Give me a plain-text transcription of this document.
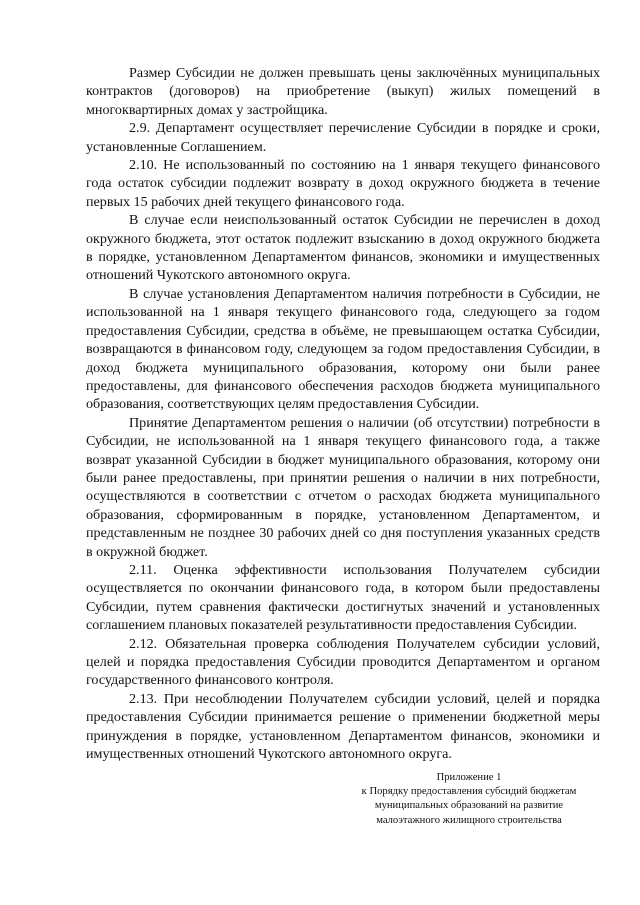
Размер Субсидии не должен превышать цены заключённых муниципальных контрактов (договоров) на приобретение (выкуп) жилых помещений в многоквартирных домах у застройщика.

2.9. Департамент осуществляет перечисление Субсидии в порядке и сроки, установленные Соглашением.

2.10. Не использованный по состоянию на 1 января текущего финансового года остаток субсидии подлежит возврату в доход окружного бюджета в течение первых 15 рабочих дней текущего финансового года.

В случае если неиспользованный остаток Субсидии не перечислен в доход окружного бюджета, этот остаток подлежит взысканию в доход окружного бюджета в порядке, установленном Департаментом финансов, экономики и имущественных отношений Чукотского автономного округа.

В случае установления Департаментом наличия потребности в Субсидии, не использованной на 1 января текущего финансового года, следующего за годом предоставления Субсидии, средства в объёме, не превышающем остатка Субсидии, возвращаются в финансовом году, следующем за годом предоставления Субсидии, в доход бюджета муниципального образования, которому они были ранее предоставлены, для финансового обеспечения расходов бюджета муниципального образования, соответствующих целям предоставления Субсидии.

Принятие Департаментом решения о наличии (об отсутствии) потребности в Субсидии, не использованной на 1 января текущего финансового года, а также возврат указанной Субсидии в бюджет муниципального образования, которому они были ранее предоставлены, при принятии решения о наличии в них потребности, осуществляются в соответствии с отчетом о расходах бюджета муниципального образования, сформированным в порядке, установленном Департаментом, и представленным не позднее 30 рабочих дней со дня поступления указанных средств в окружной бюджет.

2.11. Оценка эффективности использования Получателем субсидии осуществляется по окончании финансового года, в котором были предоставлены Субсидии, путем сравнения фактически достигнутых значений и установленных соглашением плановых показателей результативности предоставления Субсидии.

2.12. Обязательная проверка соблюдения Получателем субсидии условий, целей и порядка предоставления Субсидии проводится Департаментом и органом государственного финансового контроля.

2.13. При несоблюдении Получателем субсидии условий, целей и порядка предоставления Субсидии принимается решение о применении бюджетной меры принуждения в порядке, установленном Департаментом финансов, экономики и имущественных отношений Чукотского автономного округа.

Приложение 1
к Порядку предоставления субсидий бюджетам
муниципальных образований на развитие
малоэтажного жилищного строительства
